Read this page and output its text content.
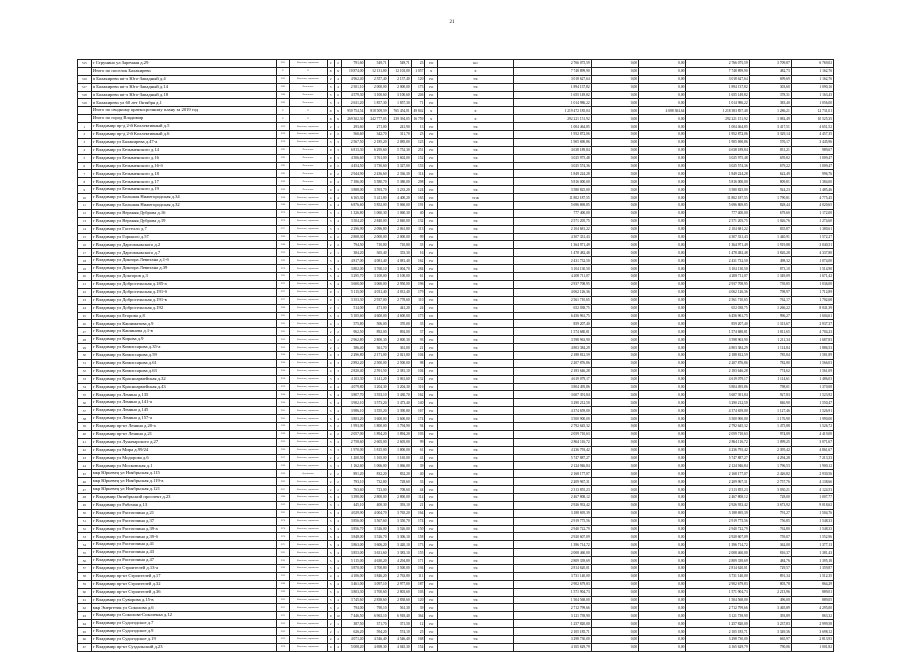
21
515	г Струнино ул Заречная д.29	1961	Каменные, кирпичные	2	2	791,60	549,71	549,71	23	РО	КО	2 766 075,59	0,00	0,00	2 766 075,59	3 709,87	6 769,02
	Итого по поселок Балакирево	X	X	X	X	10 874,00	12 131,80	12 103,00	1 057	X	X	7 748 899,90	0,00	0,00	7 748 899,90	482,73	1 162,76
516	п Балакирево кв-л Юго-Западный д.4	1962	Каменные, кирпичные	2	4	4 962,40	2 557,40	2 157,40	120	РО	УК	3 018 627,64	0,00	0,00	3 018 627,64	699,69	1 162,76
517	п Балакирево кв-л Юго-Западный д.14	1985	Панельные	5	4	2 501,10	2 000,00	2 000,00	173	РО	УК	1 894 137,82	0,00	0,00	1 894 137,82	303,60	1 090,16
518	п Балакирево кв-л Юго-Западный д.18	1988	Панельные	5	6	4 579,30	3 100,60	3 100,60	246	РО	УК	1 655 149,82	0,00	0,00	1 655 149,82	378,31	1 163,43
519	п Балакирево ул 60 лет Октября д.1	1983	Панельные	5	3	2 631,20	1 857,30	1 857,30	71	РО	УК	1 014 986,22	0,00	0,00	1 014 986,22	383,40	1 056,00
	Итого по сводному краткосрочному плану за 2019 год	X	X	X	X	950 754,54	818 509,59	765 454,01	49 842	X	X	1 219 472 185,04	0,00	4 088 304,64	1 218 383 857,40	1 286,21	12 731,01
	Итого по город Владимир	X	X	X	X	269 302,30	242 777,05	239 394,05	16 759	X	X	292 221 151,92	0,00	0,00	292 221 151,92	1 082,49	10 525,35
1	г Владимир пр-д 2-й Коллективный д.5	1959	Каменные, кирпичные	2	1	293,60	271,00	241,90	13	РО	УК	1 004 464,85	0,00	0,00	1 004 464,85	3 417,51	4 651,52
2	г Владимир пр-д 2-й Коллективный д.6	1959	Каменные, кирпичные	2	2	566,60	342,70	311,70	23	РО	УК	1 952 872,06	0,00	0,00	1 952 872,06	3 329,14	4 457,35
3	г Владимир ул Балакирева д.47-а	1958	Каменные, кирпичные	3	3	2 567,50	2 185,20	2 085,00	123	РО	УК	1 905 690,86	0,00	0,00	1 905 690,86	576,17	3 445,96
4	г Владимир ул Безыменского д.14	1983	Панельные	9	3	6 813,30	6 295,60	5 752,30	251	РО	УК	4 638 189,84	0,00	0,00	4 638 189,84	831,21	989,67
5	г Владимир ул Безыменского д.16	1982	Панельные	9	3	4 506,60	3 761,00	3 602,00	152	РО	УК	3 025 975,48	0,00	0,00	3 025 975,48	659,82	1 009,47
6	г Владимир ул Безыменского д.16-б	1982	Панельные	9	2	4 454,50	3 730,60	3 327,00	153	РО	УК	3 025 574,36	0,00	0,00	3 025 574,36	679,22	1 009,47
7	г Владимир ул Безыменского д.18	1983	Панельные	9	2	2 944,90	2 436,60	2 336,30	114	РО	УК	1 849 224,28	0,00	0,00	1 849 224,28	622,49	996,76
8	г Владимир ул Безыменского д.17	1969	Панельные	9	4	7 186,00	5 580,70	5 380,00	298	РО	УК	5 816 000,00	0,00	0,00	5 816 000,00	809,81	1 384,00
9	г Владимир ул Безыменского д.19	1969	Панельные	9	4	3 888,00	3 593,70	3 233,20	124	РО	УК	3 580 825,00	0,00	0,00	3 580 825,00	924,23	1 485,46
10	г Владимир ул Большая Нижегородская д.34	1960	Каменные, кирпичные	4	4	6 165,30	5 411,80	4 400,20	165	РО	ТСЖ	11 802 187,55	0,00	0,00	11 802 187,55	1 790,81	4 775,45
11	г Владимир ул Большая Нижегородская д.32	1960	Каменные, кирпичные	4	4	6 876,60	5 852,00	5 060,00	191	РО	УК	5 696 869,85	0,00	0,00	5 696 869,85	828,44	4 020,65
12	г Владимир ул Верхняя Дуброва д.16	1970	Каменные, кирпичные	3	1	1 326,80	1 060,30	1 060,30	40	РО	УК	777 400,00	0,00	0,00	777 400,00	679,60	1 172,00
13	г Владимир ул Верхняя Дуброва д.19	1970	Каменные, кирпичные	5	4	3 504,20	2 840,00	2 840,00	132	РО	УК	2 571 205,75	0,00	0,00	2 571 205,75	1 026,76	1 274,60
14	г Владимир ул Гастелло д.7	1971	Каменные, кирпичные	5	3	2 296,90	2 096,80	2 061,80	113	РО	УК	2 104 681,22	0,00	0,00	2 104 681,22	835,87	1 380,61
15	г Владимир ул Горького д.57	1966	Каменные, кирпичные	4	2	2 808,30	2 000,00	2 000,00	99	РО	УК	4 307 331,43	0,00	0,00	4 307 331,43	1 440,91	1 572,27
16	г Владимир ул Даргомыжского д.2	1960	Каменные, кирпичные	2	2	794,50	710,80	710,80	35	РО	УК	1 364 971,49	0,00	0,00	1 364 971,49	1 919,88	3 040,51
17	г Владимир ул Даргомыжского д.7	1959	Каменные, кирпичные	2	1	384,20	365,40	353,30	16	РО	УК	1 478 482,48	0,00	0,00	1 478 482,48	3 826,28	4 337,80
18	г Владимир ул Диктора Левитана д.1-б	1969	Каменные, кирпичные	5	4	4 817,00	4 081,40	4 081,40	162	РО	УК	2 431 732,50	0,00	0,00	2 431 732,50	498,32	1 074,00
19	г Владимир ул Диктора Левитана д.39	1970	Каменные, кирпичные	5	3	3 802,00	3 760,10	3 004,70	284	РО	УК	3 104 130,50	0,00	0,00	3 104 130,50	873,10	1 514,90
20	г Владимир ул Докторов д.3	1965	Каменные, кирпичные	5	4	3 295,70	3 100,00	3 100,00	61	РО	УК	4 208 711,07	0,00	0,00	4 208 711,07	1 349,09	1 671,42
21	г Владимир ул Добросельская д.185-а	1973	Каменные, кирпичные	5	4	3 600,00	3 060,00	2 950,00	196	РО	УК	2 937 708,95	0,00	0,00	2 937 708,95	739,85	1 036,00
22	г Владимир ул Добросельская д.191-б	1972	Каменные, кирпичные	9	1	5 115,00	4 031,40	4 031,40	179	РО	УК	4 062 126,36	0,00	0,00	4 062 126,36	798,97	1 712,89
23	г Владимир ул Добросельская д.191-в	1972	Каменные, кирпичные	9	1	3 353,30	2 937,00	2 778,60	110	РО	УК	2 561 710,65	0,00	0,00	2 561 710,65	762,17	1 702,68
24	г Владимир ул Добросельская д.192	1960	Каменные, кирпичные	2	1	514,00	471,00	441,20	24	РО	УК	652 038,75	0,00	0,00	652 038,75	1 266,22	8 041,39
25	г Владимир ул Егорова д.8	1965	Каменные, кирпичные	5	4	5 105,60	4 600,00	4 600,00	175	РО	УК	6 456 961,75	0,00	0,00	6 456 961,75	996,27	1 604,61
26	г Владимир ул Кашиматова д.9	1962	Каменные, кирпичные	4	1	575,80	506,00	370,00	35	РО	УК	859 207,40	0,00	0,00	859 207,40	1 313,67	2 937,37
27	г Владимир ул Кашинова д.1-в	1961	Каменные, кирпичные	2	2	962,50	892,00	892,00	37	РО	УК	1 574 680,81	0,00	0,00	1 574 680,81	1 811,65	4 704,23
28	г Владимир ул Кирова д.9	1956	Каменные, кирпичные	3	2	2 962,80	2 800,30	2 800,30	93	РО	УК	3 598 963,90	0,00	0,00	3 598 963,90	1 211,34	1 687,83
29	г Владимир ул Комиссарова д.35-а	1956	Каменные, кирпичные	2	1	386,40	361,70	361,00	21	РО	УК	4 803 384,29	0,00	0,00	4 803 384,29	1 114,84	1 886,53
30	г Владимир ул Комиссарова д.59	1964	Каменные, кирпичные	4	3	2 296,80	2 171,00	2 021,80	104	РО	УК	2 188 812,59	0,00	0,00	2 188 812,59	785,84	1 581,89
31	г Владимир ул Комиссарова д.61	1964	Каменные, кирпичные	4	3	2 892,20	2 500,00	2 500,00	98	РО	УК	2 207 876,86	0,00	0,00	2 207 876,86	782,80	1 566,03
32	г Владимир ул Комиссарова д.63	1964	Каменные, кирпичные	4	3	2 820,40	2 591,50	2 381,10	104	РО	УК	2 183 646,28	0,00	0,00	2 183 646,28	774,62	1 561,09
33	г Владимир ул Красноармейская д.32	1958	Каменные, кирпичные	3	3	4 103,30	3 141,20	3 061,60	132	РО	УК	4 619 079,17	0,00	0,00	4 619 079,17	1 114,61	1 486,03
34	г Владимир ул Красноармейская д.43	1959	Каменные, кирпичные	4	4	4 079,80	3 204,30	3 204,30	116	РО	УК	3 804 495,86	0,00	0,00	3 804 495,86	798,01	1 370,08
35	г Владимир ул Ленина д.135	1964	Каменные, кирпичные	5	4	3 807,70	3 553,10	3 430,70	162	РО	УК	3 607 391,84	0,00	0,00	3 607 391,84	927,83	1 523,92
36	г Владимир ул Ленина д.141-а	1964	Каменные, кирпичные	5	4	3 902,10	3 573,20	3 473,40	140	РО	УК	3 290 212,50	0,00	0,00	3 290 212,50	846,90	1 550,47
37	г Владимир ул Ленина д.145	1965	Каменные, кирпичные	5	4	3 986,10	3 555,20	3 390,80	167	РО	УК	4 374 659,00	0,00	0,00	4 374 659,00	1 127,46	1 526,91
38	г Владимир ул Ленина д.157-а	1965	Каменные, кирпичные	5	4	3 803,20	3 600,00	3 600,00	174	РО	УК	3 500 900,00	0,00	0,00	3 500 900,00	1 176,90	1 990,00
39	г Владимир пр-кт Ленина д.20-а	1960	Каменные, кирпичные	5	2	1 993,00	1 800,00	1 794,90	94	РО	УК	2 792 645,32	0,00	0,00	2 792 645,32	1 475,88	1 526,72
40	г Владимир пр-кт Ленина д.21	1960	Каменные, кирпичные	4	2	2 057,00	1 894,20	1 894,20	103	РО	УК	2 059 710,63	0,00	0,00	2 059 710,63	974,09	4 419,00
41	г Владимир ул Луначарского д.27	1956	Каменные, кирпичные	3	4	2 758,60	2 605,00	2 605,00	99	РО	УК	2 864 116,72	0,00	0,00	2 864 116,72	1 099,25	3 071,67
42	г Владимир ул Мира д.99/24	1964	Каменные, кирпичные	3	3	1 970,00	1 815,00	1 800,00	61	РО	УК	4 236 793,42	0,00	0,00	4 236 793,42	2 395,42	4 861,67
43	г Владимир ул Модорова д.6	1957	Каменные, кирпичные	2	2	1 200,50	1 165,00	1 165,00	41	РО	УК	5 747 887,27	0,00	0,00	5 747 887,27	4 294,28	7 213,33
44	г Владимир ул Московская д.1	1960	Каменные, кирпичные	3	3	1 162,60	1 066,00	1 066,00	39	РО	УК	2 124 946,84	0,00	0,00	2 124 946,84	1 796,53	1 900,12
45	мкр Юрьевец ул Ноябрьская д.115	1966	Деревянные	2	2	891,20	832,20	832,20	40	РО	УК	2 168 177,07	0,00	0,00	2 168 177,07	2 426,82	2 930,56
46	мкр Юрьевец ул Ноябрьская д.119-а	1962	Каменные, кирпичные	2	2	793,10	732,80	728,60	33	РО	УК	2 209 967,31	0,00	0,00	2 209 967,31	2 757,76	4 138,66
47	мкр Юрьевец ул Ноябрьская д.121	1951	Каменные, кирпичные	2	2	763,60	723,00	708,60	44	РО	УК	2 313 855,23	0,00	0,00	2 313 855,23	3 030,21	4 124,53
48	г Владимир Октябрьский проспект д.23	1964	Каменные, кирпичные	5	4	3 390,00	2 800,00	2 800,00	114	РО	УК	2 467 808,12	0,00	0,00	2 467 808,12	728,00	1 007,77
49	г Владимир ул Рабочая д.13	1959	Каменные, кирпичные	3	1	445,10	400,30	393,10	21	РО	УК	2 926 933,42	0,00	0,00	2 926 933,42	3 673,92	9 018,62
50	г Владимир ул Растопчина д.21	1962	Каменные, кирпичные	5	4	4 029,90	4 004,70	3 765,20	164	РО	УК	3 188 695,39	0,00	0,00	3 188 695,39	791,27	1 504,76
51	г Владимир ул Растопчина д.37	1970	Каменные, кирпичные	5	4	3 856,00	3 567,60	3 350,70	174	РО	УК	2 919 775,56	0,00	0,00	2 919 775,56	756,85	1 548,33
52	г Владимир ул Растопчина д.39-а	1970	Каменные, кирпичные	5	4	3 856,70	3 526,00	3 526,00	150	РО	УК	2 940 722,79	0,00	0,00	2 940 722,79	762,80	1 548,33
53	г Владимир ул Растопчина д.39-б	1970	Каменные, кирпичные	5	4	3 848,00	3 526,70	3 306,10	158	РО	УК	2 920 607,09	0,00	0,00	2 920 607,09	759,07	1 552,96
54	г Владимир ул Растопчина д.41	1971	Каменные, кирпичные	5	4	3 863,00	3 606,20	3 420,10	173	РО	УК	1 396 714,72	0,00	0,00	1 396 714,72	362,00	1 377,13
55	г Владимир ул Растопчина д.43	1965	Каменные, кирпичные	5	4	3 853,00	3 631,60	3 383,10	155	РО	УК	2 008 460,00	0,00	0,00	2 008 460,00	816,37	1 381,43
56	г Владимир ул Растопчина д.47	1966	Каменные, кирпичные	5	4	5 115,00	4 630,20	4 294,80	171	РО	УК	2 809 339,69	0,00	0,00	2 809 339,69	484,76	1 395,18
57	г Владимир ул Строителей д.13-а	1966	Каменные, кирпичные	5	4	3 870,00	3 700,80	3 500,00	194	РО	УК	2 814 620,01	0,00	0,00	2 814 620,01	729,57	1 359,87
58	г Владимир пр-кт Строителей д.17	1959	Каменные, кирпичные	4	4	4 106,00	3 846,20	2 763,80	111	РО	УК	3 731 140,00	0,00	0,00	3 731 140,00	891,34	1 512,35
59	г Владимир пр-кт Строителей д.32	1964	Каменные, кирпичные	5	4	3 461,00	3 097,10	2 977,00	187	РО	УК	2 902 679,83	0,00	0,00	2 902 679,83	803,78	864,29
60	г Владимир пр-кт Строителей д.36	1969	Каменные, кирпичные	5	6	3 803,30	3 700,60	2 803,60	103	РО	УК	1 571 904,73	0,00	0,00	1 571 904,73	2 213,96	889,01
61	г Владимир ул Суворова д.15-в	1962	Каменные, кирпичные	5	4	3 745,60	2 838,60	2 838,60	120	РО	УК	1 504 568,00	0,00	0,00	1 504 568,00	496,00	889,05
62	мкр Энергетик ул Соколова д.6	1971	Каменные, кирпичные	3	2	794,00	790,10	561,30	39	РО	УК	2 712 799,66	0,00	0,00	2 712 799,66	3 465,89	4 295,00
63	г Владимир ул Соколова-Соколенка д.12	1973	Каменные, кирпичные	9	10	7 446,50	6 963,10	6 918,40	364	РО	УК	3 121 739,90	0,00	0,00	3 121 739,90	393,89	863,32
64	г Владимир ул Судогодское д.7	1959	Каменные, кирпичные	2	1	387,50	371,70	371,50	12	РО	УК	1 257 820,00	0,00	0,00	1 257 820,00	3 237,83	2 999,58
65	г Владимир ул Судогодское д.9	1959	Каменные, кирпичные	2	1	626,20	594,20	574,10	25	РО	УК	2 105 185,71	0,00	0,00	2 105 185,71	3 349,36	3 698,12
66	г Владимир ул Судогодское д.19	1959	Каменные, кирпичные	4	4	4 071,40	4 546,40	4 546,40	168	РО	УК	3 298 730,00	0,00	0,00	3 298 730,00	665,97	2 813,93
67	г Владимир пр-кт Суздальский д.23	1978	Каменные, кирпичные	4	4	5 008,20	4 698,30	4 045,30	154	РО	УК	4 165 629,79	0,00	0,00	4 165 629,79	790,06	1 001,82
